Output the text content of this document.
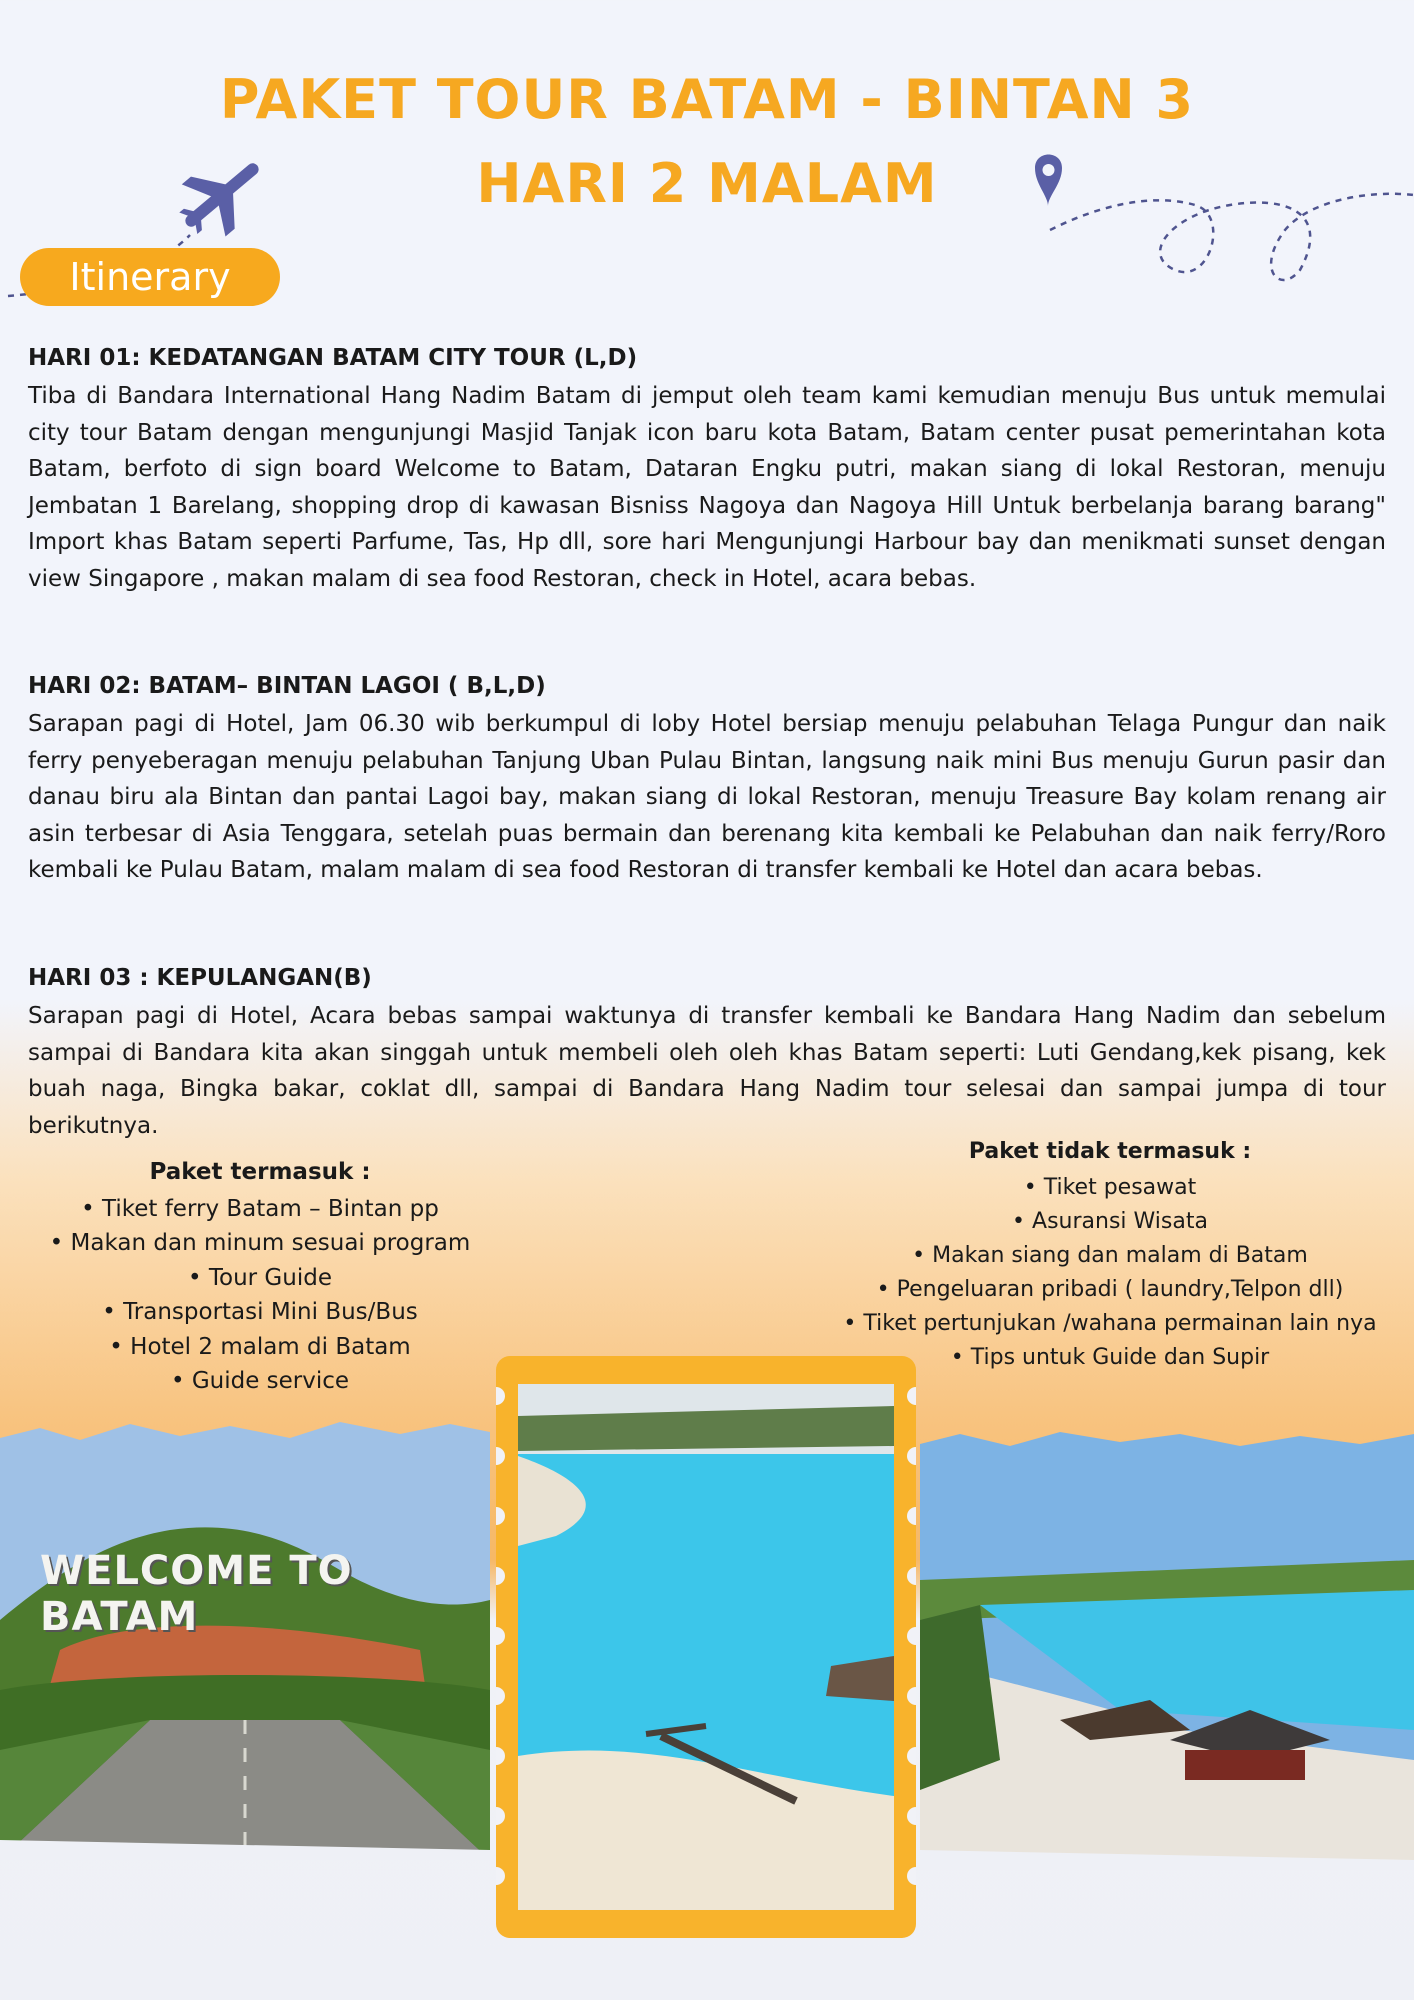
PAKET TOUR BATAM - BINTAN 3
HARI 2 MALAM
Itinerary
HARI 01: KEDATANGAN BATAM CITY TOUR (L,D)

Tiba di Bandara International Hang Nadim Batam di jemput oleh team kami kemudian menuju Bus untuk memulai city tour Batam dengan mengunjungi Masjid Tanjak icon baru kota Batam, Batam center pusat pemerintahan kota Batam, berfoto di sign board Welcome to Batam, Dataran Engku putri, makan siang di lokal Restoran, menuju Jembatan 1 Barelang, shopping drop di kawasan Bisniss Nagoya dan Nagoya Hill Untuk berbelanja barang barang" Import khas Batam seperti Parfume, Tas, Hp dll, sore hari Mengunjungi Harbour bay dan menikmati sunset dengan view Singapore , makan malam di sea food Restoran, check in Hotel, acara bebas.

HARI 02: BATAM– BINTAN LAGOI ( B,L,D)

Sarapan pagi di Hotel, Jam 06.30 wib berkumpul di loby Hotel bersiap menuju pelabuhan Telaga Pungur dan naik ferry penyeberagan menuju pelabuhan Tanjung Uban Pulau Bintan, langsung naik mini Bus menuju Gurun pasir dan danau biru ala Bintan dan pantai Lagoi bay, makan siang di lokal Restoran, menuju Treasure Bay kolam renang air asin terbesar di Asia Tenggara, setelah puas bermain dan berenang kita kembali ke Pelabuhan dan naik ferry/Roro kembali ke Pulau Batam, malam malam di sea food Restoran di transfer kembali ke Hotel dan acara bebas.

HARI 03 : KEPULANGAN(B)

Sarapan pagi di Hotel, Acara bebas sampai waktunya di transfer kembali ke Bandara Hang Nadim dan sebelum sampai di Bandara kita akan singgah untuk membeli oleh oleh khas Batam seperti: Luti Gendang,kek pisang, kek buah naga, Bingka bakar, coklat dll, sampai di Bandara Hang Nadim tour selesai dan sampai jumpa di tour berikutnya.

Paket termasuk :
• Tiket ferry Batam – Bintan pp
• Makan dan minum sesuai program
• Tour Guide
• Transportasi Mini Bus/Bus
• Hotel 2 malam di Batam
• Guide service
Paket tidak termasuk :
• Tiket pesawat
• Asuransi Wisata
• Makan siang dan malam di Batam
• Pengeluaran pribadi ( laundry,Telpon dll)
• Tiket pertunjukan /wahana permainan lain nya
• Tips untuk Guide dan Supir
WELCOME TO BATAM
